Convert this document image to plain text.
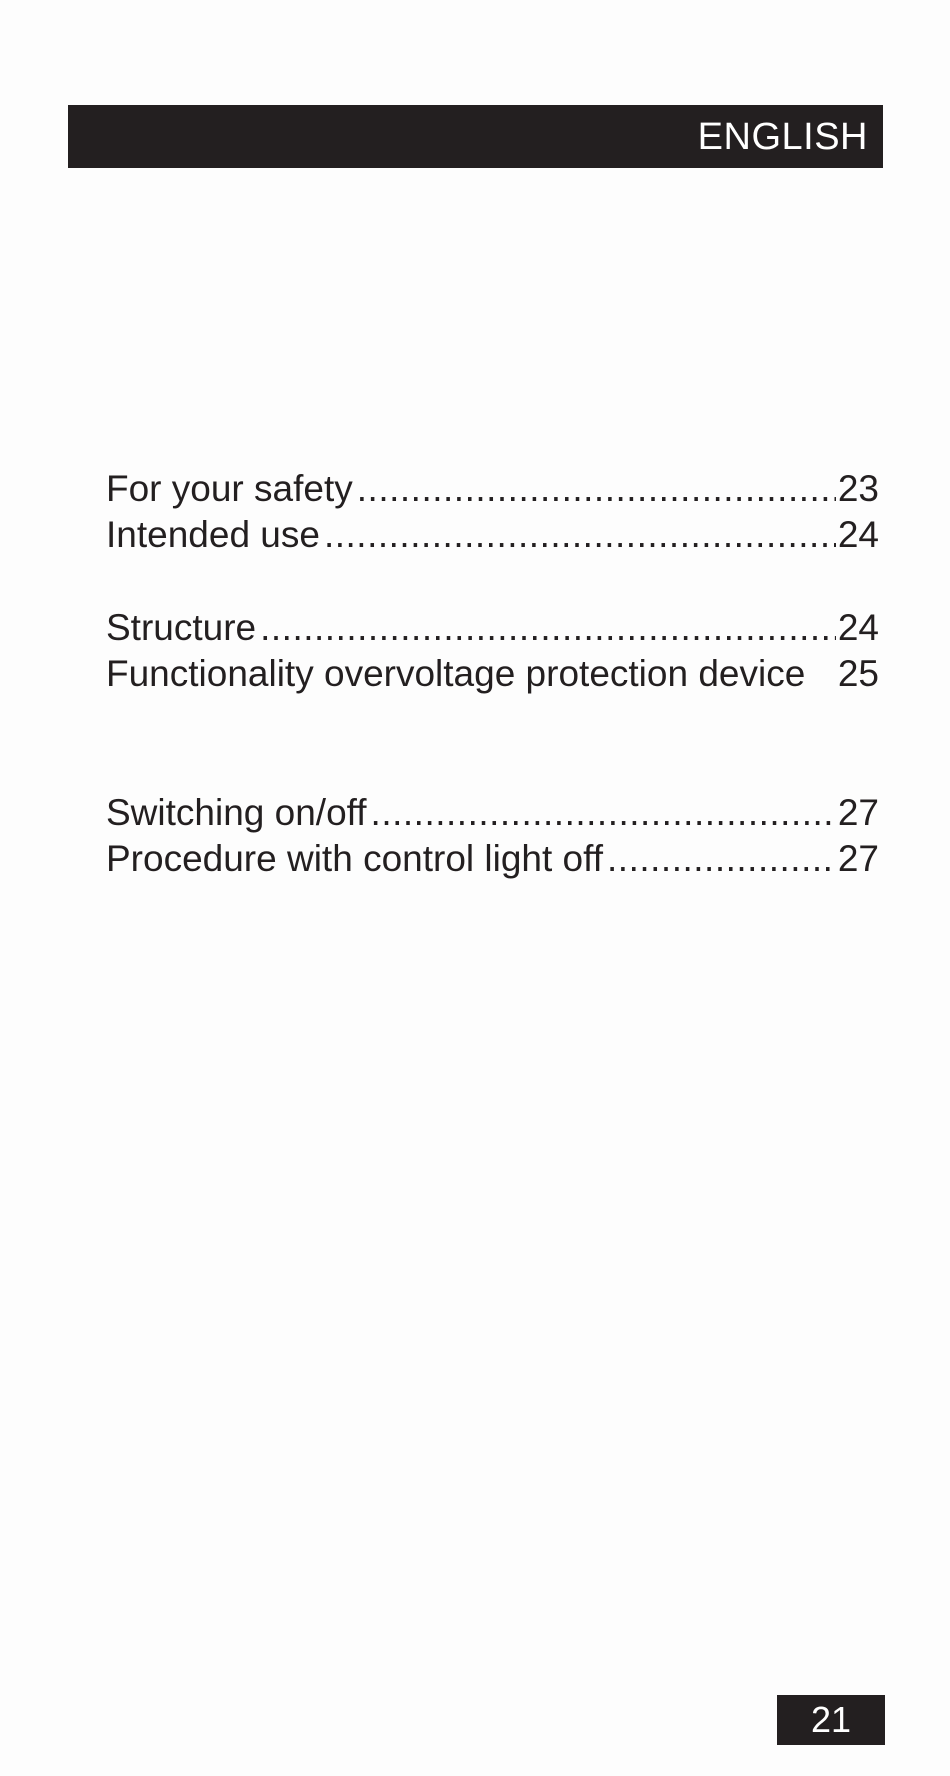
ENGLISH
For your safety .....	23
Intended use .....	24
Structure .....	24
Functionality overvoltage protection device 25
Switching on/off .....	27
Procedure with control light off .....	27
21
